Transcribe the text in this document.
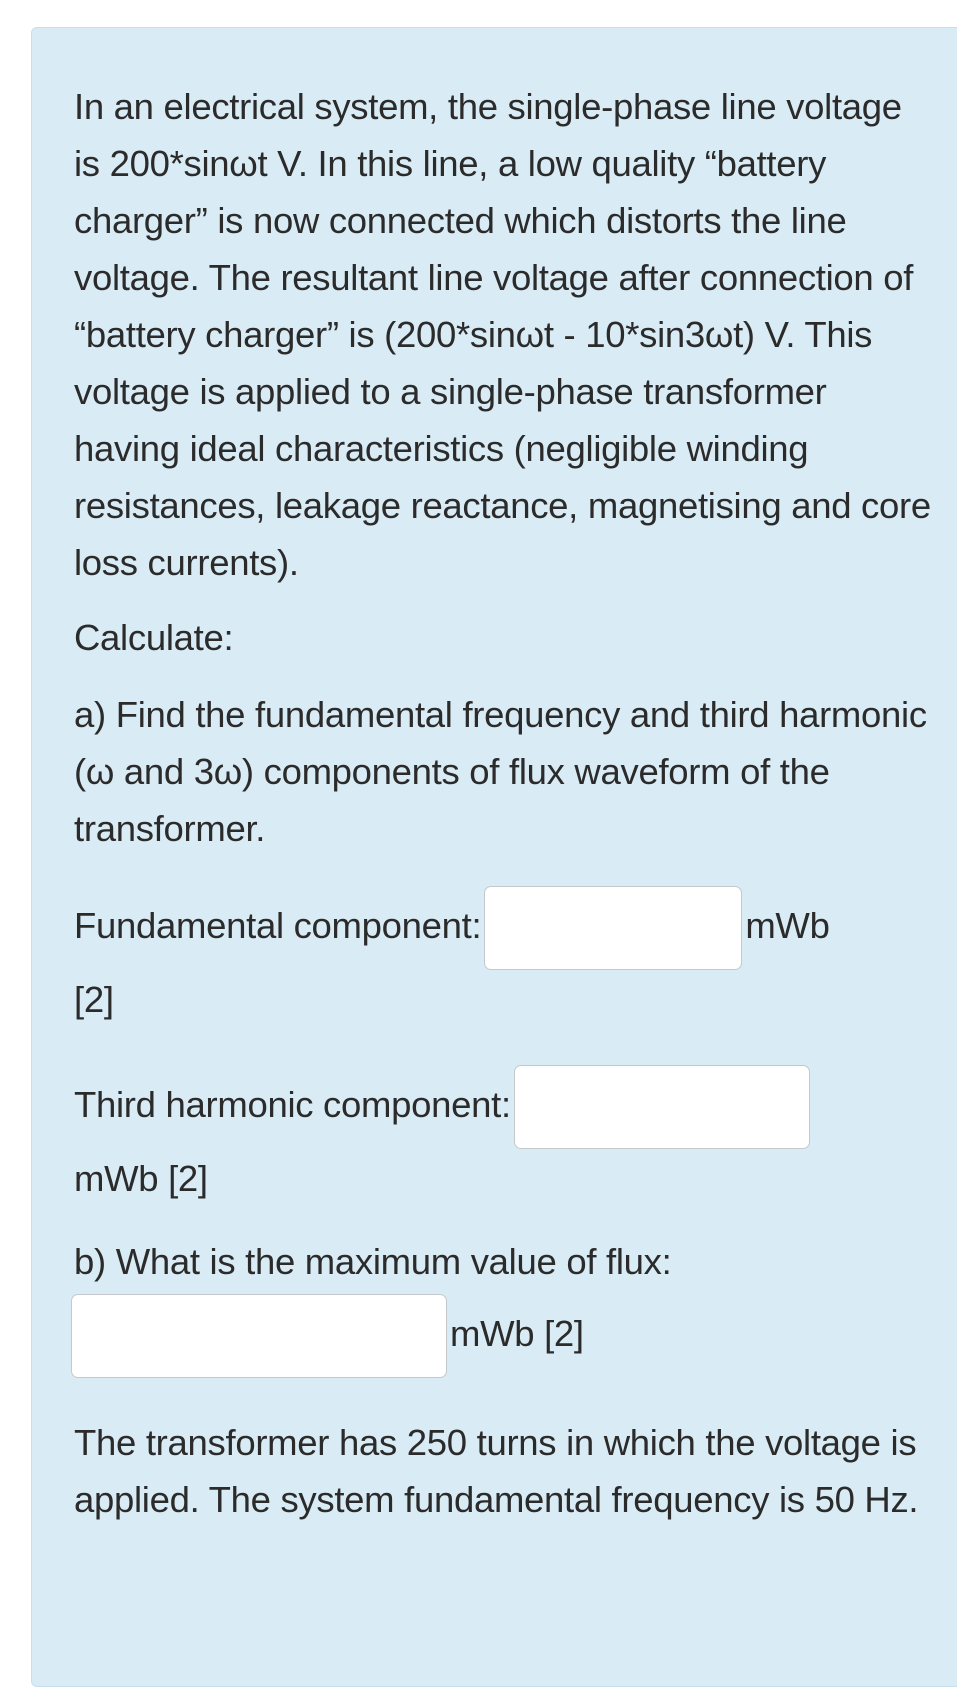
In an electrical system, the single-phase line voltage is 200*sinωt V. In this line, a low quality “battery charger” is now connected which distorts the line voltage. The resultant line voltage after connection of “battery charger” is (200*sinωt - 10*sin3ωt) V. This voltage is applied to a single-phase transformer having ideal characteristics (negligible winding resistances, leakage reactance, magnetising and core loss currents).

Calculate:

a) Find the fundamental frequency and third harmonic (ω and 3ω) components of flux waveform of the transformer.

Fundamental component:	mWb

[2]

Third harmonic component:

mWb [2]

b) What is the maximum value of flux:

mWb [2]

The transformer has 250 turns in which the voltage is applied. The system fundamental frequency is 50 Hz.
